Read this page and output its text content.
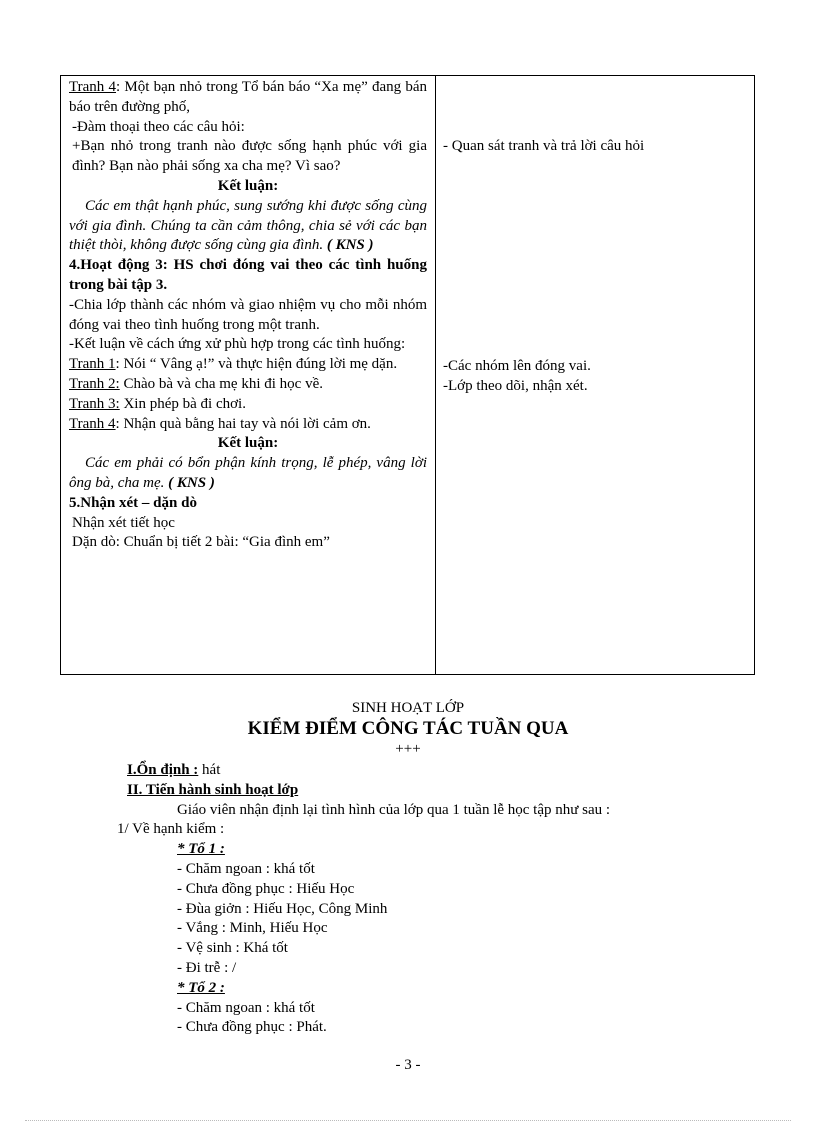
Tranh 4: Một bạn nhỏ trong Tổ bán báo “Xa mẹ” đang bán báo trên đường phố,
-Đàm thoại theo các câu hỏi:
+Bạn nhỏ trong tranh nào được sống hạnh phúc với gia đình? Bạn nào phải sống xa cha mẹ? Vì sao?
Kết luận:
Các em thật hạnh phúc, sung sướng khi được sống cùng với gia đình. Chúng ta cần cảm thông, chia sẻ với các bạn thiệt thòi, không được sống cùng gia đình. ( KNS )
4.Hoạt động 3: HS chơi đóng vai theo các tình huống trong bài tập 3.
-Chia lớp thành các nhóm và giao nhiệm vụ cho mỗi nhóm đóng vai theo tình huống trong một tranh.
-Kết luận về cách ứng xử phù hợp trong các tình huống:
Tranh 1: Nói “ Vâng ạ!” và thực hiện đúng lời mẹ dặn.
Tranh 2: Chào bà và cha mẹ khi đi học về.
Tranh 3: Xin phép bà đi chơi.
Tranh 4: Nhận quà bằng hai tay và nói lời cảm ơn.
Kết luận:
Các em phải có bổn phận kính trọng, lễ phép, vâng lời ông bà, cha mẹ. ( KNS )
5.Nhận xét – dặn dò
Nhận xét tiết học
Dặn dò: Chuẩn bị tiết 2 bài: “Gia đình em”
- Quan sát tranh và trả lời câu hỏi
-Các nhóm lên đóng vai.
-Lớp theo dõi, nhận xét.
SINH HOẠT LỚP
KIỂM ĐIỂM CÔNG TÁC TUẦN QUA
+++
I.Ổn định : hát
II. Tiến hành sinh hoạt lớp
Giáo viên nhận định lại tình hình của lớp qua 1 tuần lễ học tập như sau :
1/ Về hạnh kiểm :
* Tổ 1 :
- Chăm ngoan : khá tốt
- Chưa đồng phục : Hiếu Học
- Đùa giởn : Hiếu Học, Công Minh
- Vắng : Minh, Hiếu Học
- Vệ sinh : Khá tốt
- Đi trễ : /
* Tổ 2 :
- Chăm ngoan : khá tốt
- Chưa đồng phục : Phát.
- 3 -
